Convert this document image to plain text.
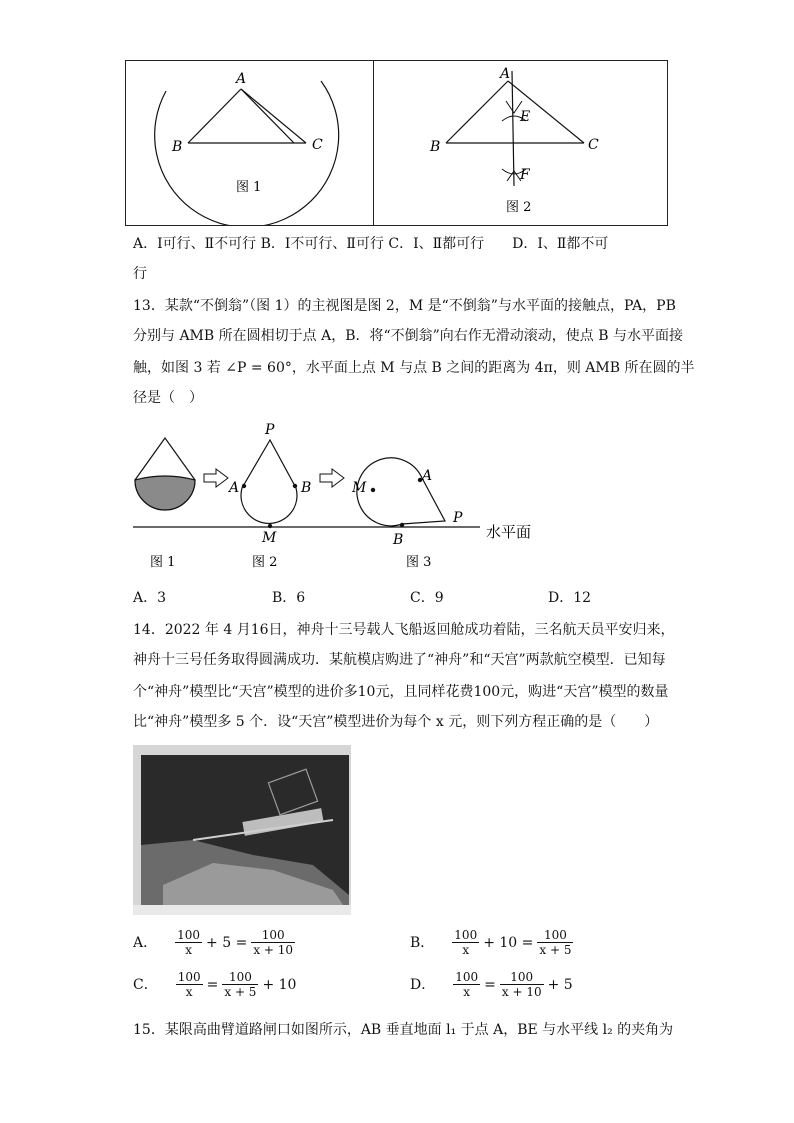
A
B	C
图 1
A
E
B	C
F
图 2
A．Ⅰ可行、Ⅱ不可行 B．Ⅰ不可行、Ⅱ可行 C．Ⅰ、Ⅱ都可行　　D．Ⅰ、Ⅱ都不可
行
13．某款“不倒翁”（图 1）的主视图是图 2，M 是“不倒翁”与水平面的接触点，PA，PB
分别与 AMB 所在圆相切于点 A，B．将“不倒翁”向右作无滑动滚动，使点 B 与水平面接
触，如图 3 若 ∠P = 60°，水平面上点 M 与点 B 之间的距离为 4π，则 AMB 所在圆的半
径是（　）
P
A	B
M
M
A
P
B	水平面
图 1	图 2	图 3
A．3	B．6	C．9	D．12
14．2022 年 4 月16日，神舟十三号载人飞船返回舱成功着陆，三名航天员平安归来，
神舟十三号任务取得圆满成功．某航模店购进了“神舟”和“天宫”两款航空模型．已知每
个“神舟”模型比“天宫”模型的进价多10元，且同样花费100元，购进“天宫”模型的数量
比“神舟”模型多 5 个．设“天宫”模型进价为每个 x 元，则下列方程正确的是（　　）
A． $\frac{100}{x} + 5 = \frac{100}{x + 10}$	B． $\frac{100}{x} + 10 = \frac{100}{x + 5}$
C． $\frac{100}{x} = \frac{100}{x + 5} + 10$	D． $\frac{100}{x} = \frac{100}{x + 10} + 5$
15．某限高曲臂道路闸口如图所示，AB 垂直地面 l₁ 于点 A，BE 与水平线 l₂ 的夹角为
